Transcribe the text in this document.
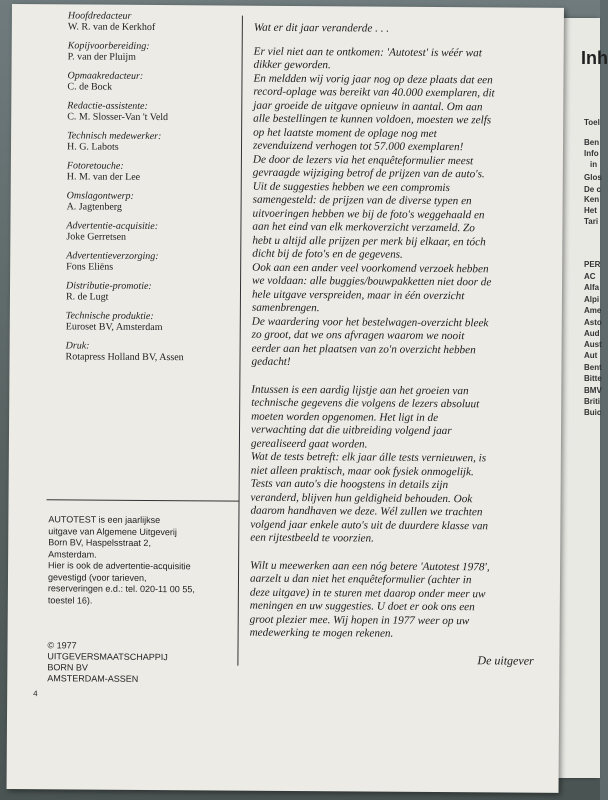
Inh
Toel
Ben
Info
in
Glos
De c
Ken
Het
Tari
PER
AC
Alfa
Alpi
Ame
Asto
Aud
Aust
Aut
Bent
Bitte
BMV
Briti
Buic
Hoofdredacteur
W. R. van de Kerkhof
Kopijvoorbereiding:
P. van der Pluijm
Opmaakredacteur:
C. de Bock
Redactie-assistente:
C. M. Slosser-Van 't Veld
Technisch medewerker:
H. G. Labots
Fotoretouche:
H. M. van der Lee
Omslagontwerp:
A. Jagtenberg
Advertentie-acquisitie:
Joke Gerretsen
Advertentieverzorging:
Fons Eliëns
Distributie-promotie:
R. de Lugt
Technische produktie:
Euroset BV, Amsterdam
Druk:
Rotapress Holland BV, Assen
AUTOTEST is een jaarlijkse
uitgave van Algemene Uitgeverij
Born BV, Haspelsstraat 2,
Amsterdam.
Hier is ook de advertentie-acquisitie
gevestigd (voor tarieven,
reserveringen e.d.: tel. 020-11 00 55,
toestel 16).
© 1977
UITGEVERSMAATSCHAPPIJ
BORN BV
AMSTERDAM-ASSEN
4
Wat er dit jaar veranderde . . .

Er viel niet aan te ontkomen: 'Autotest' is wéér wat
dikker geworden.

En meldden wij vorig jaar nog op deze plaats dat een
record-oplage was bereikt van 40.000 exemplaren, dit
jaar groeide de uitgave opnieuw in aantal. Om aan
alle bestellingen te kunnen voldoen, moesten we zelfs
op het laatste moment de oplage nog met
zevenduizend verhogen tot 57.000 exemplaren!

De door de lezers via het enquêteformulier meest
gevraagde wijziging betrof de prijzen van de auto's.
Uit de suggesties hebben we een compromis
samengesteld: de prijzen van de diverse typen en
uitvoeringen hebben we bij de foto's weggehaald en
aan het eind van elk merkoverzicht verzameld. Zo
hebt u altijd alle prijzen per merk bij elkaar, en tóch
dicht bij de foto's en de gegevens.

Ook aan een ander veel voorkomend verzoek hebben
we voldaan: alle buggies/bouwpakketten niet door de
hele uitgave verspreiden, maar in één overzicht
samenbrengen.

De waardering voor het bestelwagen-overzicht bleek
zo groot, dat we ons afvragen waarom we nooit
eerder aan het plaatsen van zo'n overzicht hebben
gedacht!

Intussen is een aardig lijstje aan het groeien van
technische gegevens die volgens de lezers absoluut
moeten worden opgenomen. Het ligt in de
verwachting dat die uitbreiding volgend jaar
gerealiseerd gaat worden.

Wat de tests betreft: elk jaar álle tests vernieuwen, is
niet alleen praktisch, maar ook fysiek onmogelijk.
Tests van auto's die hoogstens in details zijn
veranderd, blijven hun geldigheid behouden. Ook
daarom handhaven we deze. Wél zullen we trachten
volgend jaar enkele auto's uit de duurdere klasse van
een rijtestbeeld te voorzien.

Wilt u meewerken aan een nóg betere 'Autotest 1978',
aarzelt u dan niet het enquêteformulier (achter in
deze uitgave) in te sturen met daarop onder meer uw
meningen en uw suggesties. U doet er ook ons een
groot plezier mee. Wij hopen in 1977 weer op uw
medewerking te mogen rekenen.

De uitgever
